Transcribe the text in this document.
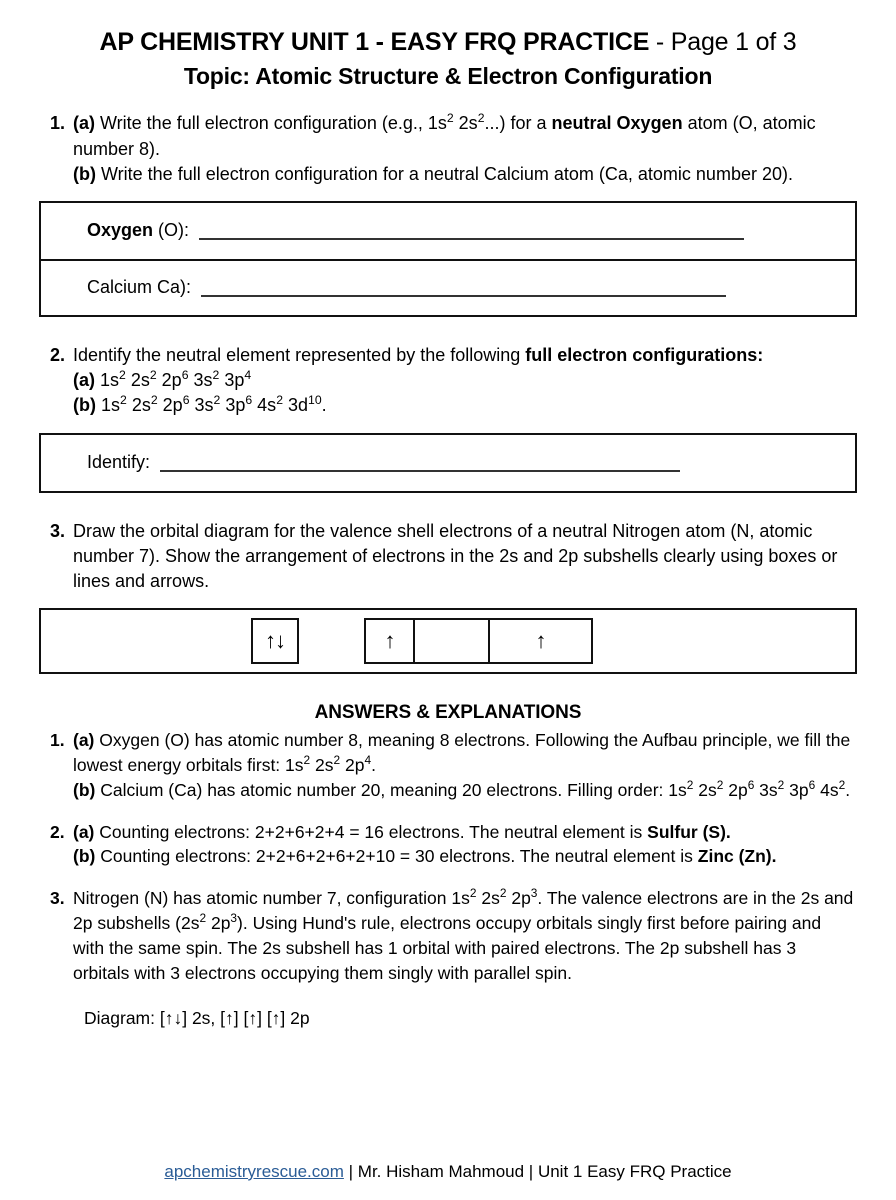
AP CHEMISTRY UNIT 1 - EASY FRQ PRACTICE - Page 1 of 3
Topic: Atomic Structure & Electron Configuration
1. (a) Write the full electron configuration (e.g., $1s^2$ $2s^2$...) for a neutral Oxygen atom (O, atomic number 8).

(b) Write the full electron configuration for a neutral Calcium atom (Ca, atomic number 20).

Oxygen (O):
Calcium Ca):
2. Identify the neutral element represented by the following full electron configurations:

(a) $1s^2$ $2s^2$ $2p^6$ $3s^2$ $3p^4$

(b) $1s^2$ $2s^2$ $2p^6$ $3s^2$ $3p^6$ $4s^2$ $3d^{10}$.

Identify:
3. Draw the orbital diagram for the valence shell electrons of a neutral Nitrogen atom (N, atomic number 7). Show the arrangement of electrons in the 2s and 2p subshells clearly using boxes or lines and arrows.

↑↓	↑	↑
ANSWERS & EXPLANATIONS
1. (a) Oxygen (O) has atomic number 8, meaning 8 electrons. Following the Aufbau principle, we fill the lowest energy orbitals first: $1s^2$ $2s^2$ $2p^4$.

(b) Calcium (Ca) has atomic number 20, meaning 20 electrons. Filling order: $1s^2$ $2s^2$ $2p^6$ $3s^2$ $3p^6$ $4s^2$.

2. (a) Counting electrons: 2+2+6+2+4 = 16 electrons. The neutral element is Sulfur (S).

(b) Counting electrons: 2+2+6+2+6+2+10 = 30 electrons. The neutral element is Zinc (Zn).

3. Nitrogen (N) has atomic number 7, configuration $1s^2$ $2s^2$ $2p^3$. The valence electrons are in the 2s and 2p subshells ($2s^2$ $2p^3$). Using Hund's rule, electrons occupy orbitals singly first before pairing and with the same spin. The 2s subshell has 1 orbital with paired electrons. The 2p subshell has 3 orbitals with 3 electrons occupying them singly with parallel spin.

Diagram: [↑↓] 2s, [↑] [↑] [↑] 2p
apchemistryrescue.com | Mr. Hisham Mahmoud | Unit 1 Easy FRQ Practice
